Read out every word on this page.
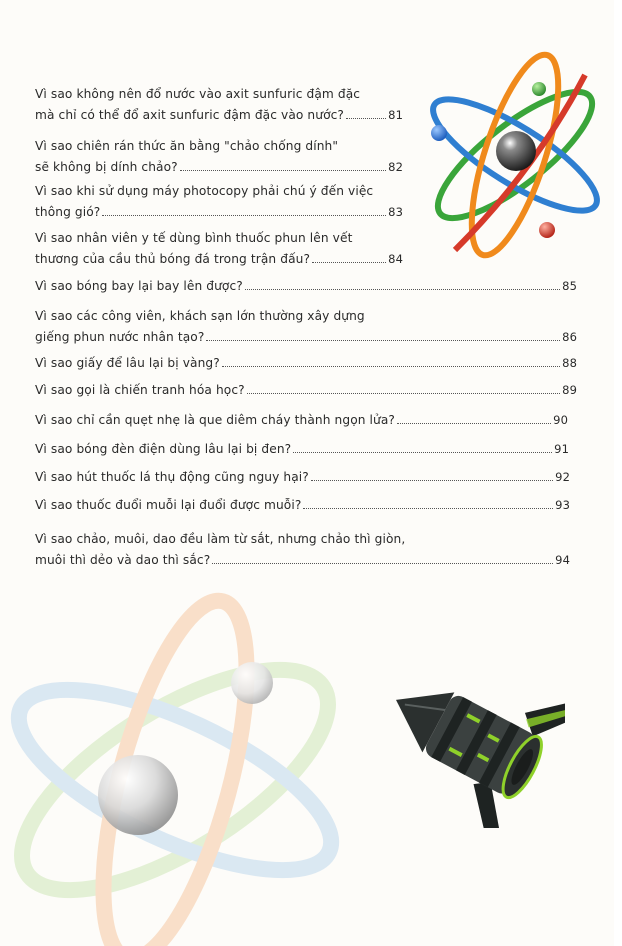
Vì sao không nên đổ nước vào axit sunfuric đậm đặc
mà chỉ có thể đổ axit sunfuric đậm đặc vào nước?	81
Vì sao chiên rán thức ăn bằng "chảo chống dính"
sẽ không bị dính chảo?	82
Vì sao khi sử dụng máy photocopy phải chú ý đến việc
thông gió?	83
Vì sao nhân viên y tế dùng bình thuốc phun lên vết
thương của cầu thủ bóng đá trong trận đấu?	84
Vì sao bóng bay lại bay lên được?	85
Vì sao các công viên, khách sạn lớn thường xây dựng
giếng phun nước nhân tạo?	86
Vì sao giấy để lâu lại bị vàng?	88
Vì sao gọi là chiến tranh hóa học?	89
Vì sao chỉ cần quẹt nhẹ là que diêm cháy thành ngọn lửa?	90
Vì sao bóng đèn điện dùng lâu lại bị đen?	91
Vì sao hút thuốc lá thụ động cũng nguy hại?	92
Vì sao thuốc đuổi muỗi lại đuổi được muỗi?	93
Vì sao chảo, muôi, dao đều làm từ sắt, nhưng chảo thì giòn,
muôi thì dẻo và dao thì sắc?	94
